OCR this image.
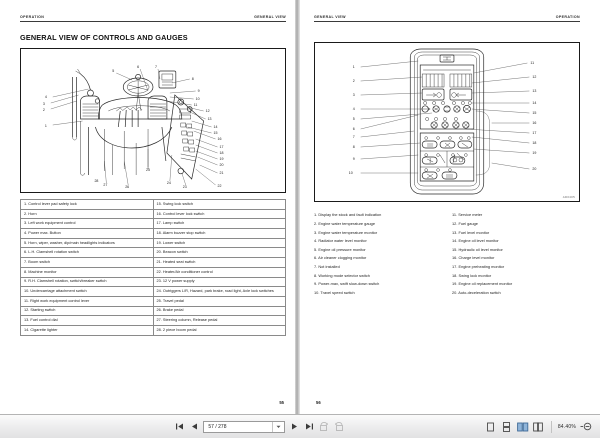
OPERATION	GENERAL VIEW
GENERAL VIEW OF CONTROLS AND GAUGES
1
2
3
4
5
6	7
8
9
10
11
12
13
14
15
16
17
18
19
20
21
22
23
24
25
26
27
28
1. Control lever pad safety lock	15. Swing lock switch
2. Horn	16. Control lever lock switch
3. Left work equipment control	17. Lamp switch
4. Power max. Button	18. Alarm buzzer stop switch
5. Horn, wiper, washer, dip/main headlights indicators	19. Lower switch
6. L.H. Clamshell rotation switch	20. Beacon switch
7. Boom switch	21. Heated seat switch
8. Machine monitor	22. Heater/Air conditioner control
9. R.H. Clamshell rotation, switch/breaker switch	23. 12 V power supply
10. Undercarriage attachment switch	24. Outriggers L/R, Hazard, park brake, road light, Axle lock switches
11. Right work equipment control lever	25. Travel pedal
12. Starting switch	26. Brake pedal
13. Fuel control dial	27. Steering column, Release pedal
14. Cigarette lighter	28. 2 piece boom pedal
55
GENERAL VIEW	OPERATION
1
2
3
4
5
6
7
8
9
10
11
12
13
14
15
16
17
18
19
20
AD0405
1. Display the stock and fault indication
2. Engine water temperature gauge
3. Engine water temperature monitor
4. Radiator water level monitor
5. Engine oil pressure monitor
6. Air cleaner clogging monitor
7. Not installed
8. Working mode selector switch
9. Power-max, swift slow-down switch
10. Travel speed switch
11. Service meter
12. Fuel gauge
13. Fuel level monitor
14. Engine oil level monitor
15. Hydraulic oil level monitor
16. Charge level monitor
17. Engine preheating monitor
18. Swing lock monitor
19. Engine oil replacement monitor
20. Auto-deceleration switch
56
57 / 278	84.40%
